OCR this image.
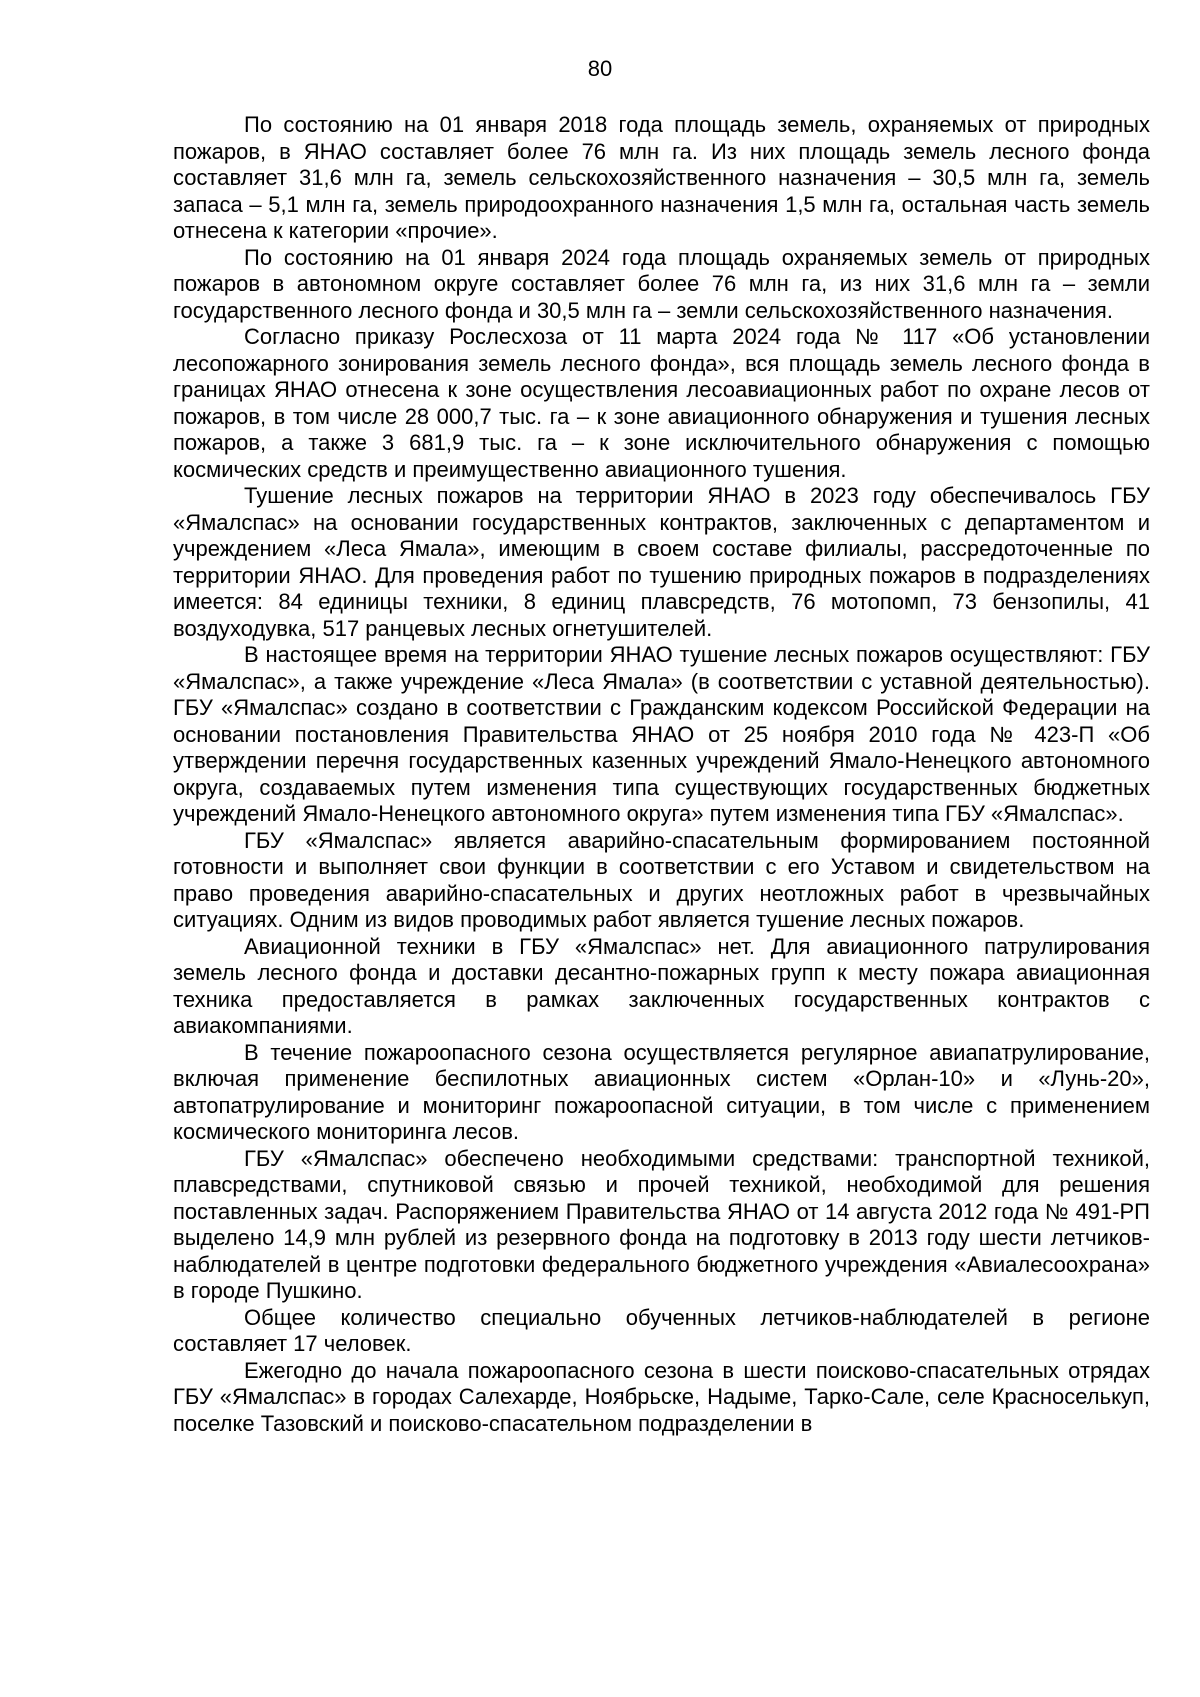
80

По состоянию на 01 января 2018 года площадь земель, охраняемых от природных пожаров, в ЯНАО составляет более 76 млн га. Из них площадь земель лесного фонда составляет 31,6 млн га, земель сельскохозяйственного назначения – 30,5 млн га, земель запаса – 5,1 млн га, земель природоохранного назначения 1,5 млн га, остальная часть земель отнесена к категории «прочие».

По состоянию на 01 января 2024 года площадь охраняемых земель от природных пожаров в автономном округе составляет более 76 млн га, из них 31,6 млн га – земли государственного лесного фонда и 30,5 млн га – земли сельскохозяйственного назначения.

Согласно приказу Рослесхоза от 11 марта 2024 года № 117 «Об установлении лесопожарного зонирования земель лесного фонда», вся площадь земель лесного фонда в границах ЯНАО отнесена к зоне осуществления лесоавиационных работ по охране лесов от пожаров, в том числе 28 000,7 тыс. га – к зоне авиационного обнаружения и тушения лесных пожаров, а также 3 681,9 тыс. га – к зоне исключительного обнаружения с помощью космических средств и преимущественно авиационного тушения.

Тушение лесных пожаров на территории ЯНАО в 2023 году обеспечивалось ГБУ «Ямалспас» на основании государственных контрактов, заключенных с департаментом и учреждением «Леса Ямала», имеющим в своем составе филиалы, рассредоточенные по территории ЯНАО. Для проведения работ по тушению природных пожаров в подразделениях имеется: 84 единицы техники, 8 единиц плавсредств, 76 мотопомп, 73 бензопилы, 41 воздуходувка, 517 ранцевых лесных огнетушителей.

В настоящее время на территории ЯНАО тушение лесных пожаров осуществляют: ГБУ «Ямалспас», а также учреждение «Леса Ямала» (в соответствии с уставной деятельностью). ГБУ «Ямалспас» создано в соответствии с Гражданским кодексом Российской Федерации на основании постановления Правительства ЯНАО от 25 ноября 2010 года № 423-П «Об утверждении перечня государственных казенных учреждений Ямало-Ненецкого автономного округа, создаваемых путем изменения типа существующих государственных бюджетных учреждений Ямало-Ненецкого автономного округа» путем изменения типа ГБУ «Ямалспас».

ГБУ «Ямалспас» является аварийно-спасательным формированием постоянной готовности и выполняет свои функции в соответствии с его Уставом и свидетельством на право проведения аварийно-спасательных и других неотложных работ в чрезвычайных ситуациях. Одним из видов проводимых работ является тушение лесных пожаров.

Авиационной техники в ГБУ «Ямалспас» нет. Для авиационного патрулирования земель лесного фонда и доставки десантно-пожарных групп к месту пожара авиационная техника предоставляется в рамках заключенных государственных контрактов с авиакомпаниями.

В течение пожароопасного сезона осуществляется регулярное авиапатрулирование, включая применение беспилотных авиационных систем «Орлан-10» и «Лунь-20», автопатрулирование и мониторинг пожароопасной ситуации, в том числе с применением космического мониторинга лесов.

ГБУ «Ямалспас» обеспечено необходимыми средствами: транспортной техникой, плавсредствами, спутниковой связью и прочей техникой, необходимой для решения поставленных задач. Распоряжением Правительства ЯНАО от 14 августа 2012 года № 491-РП выделено 14,9 млн рублей из резервного фонда на подготовку в 2013 году шести летчиков-наблюдателей в центре подготовки федерального бюджетного учреждения «Авиалесоохрана» в городе Пушкино.

Общее количество специально обученных летчиков-наблюдателей в регионе составляет 17 человек.

Ежегодно до начала пожароопасного сезона в шести поисково-спасательных отрядах ГБУ «Ямалспас» в городах Салехарде, Ноябрьске, Надыме, Тарко-Сале, селе Красноселькуп, поселке Тазовский и поисково-спасательном подразделении в
